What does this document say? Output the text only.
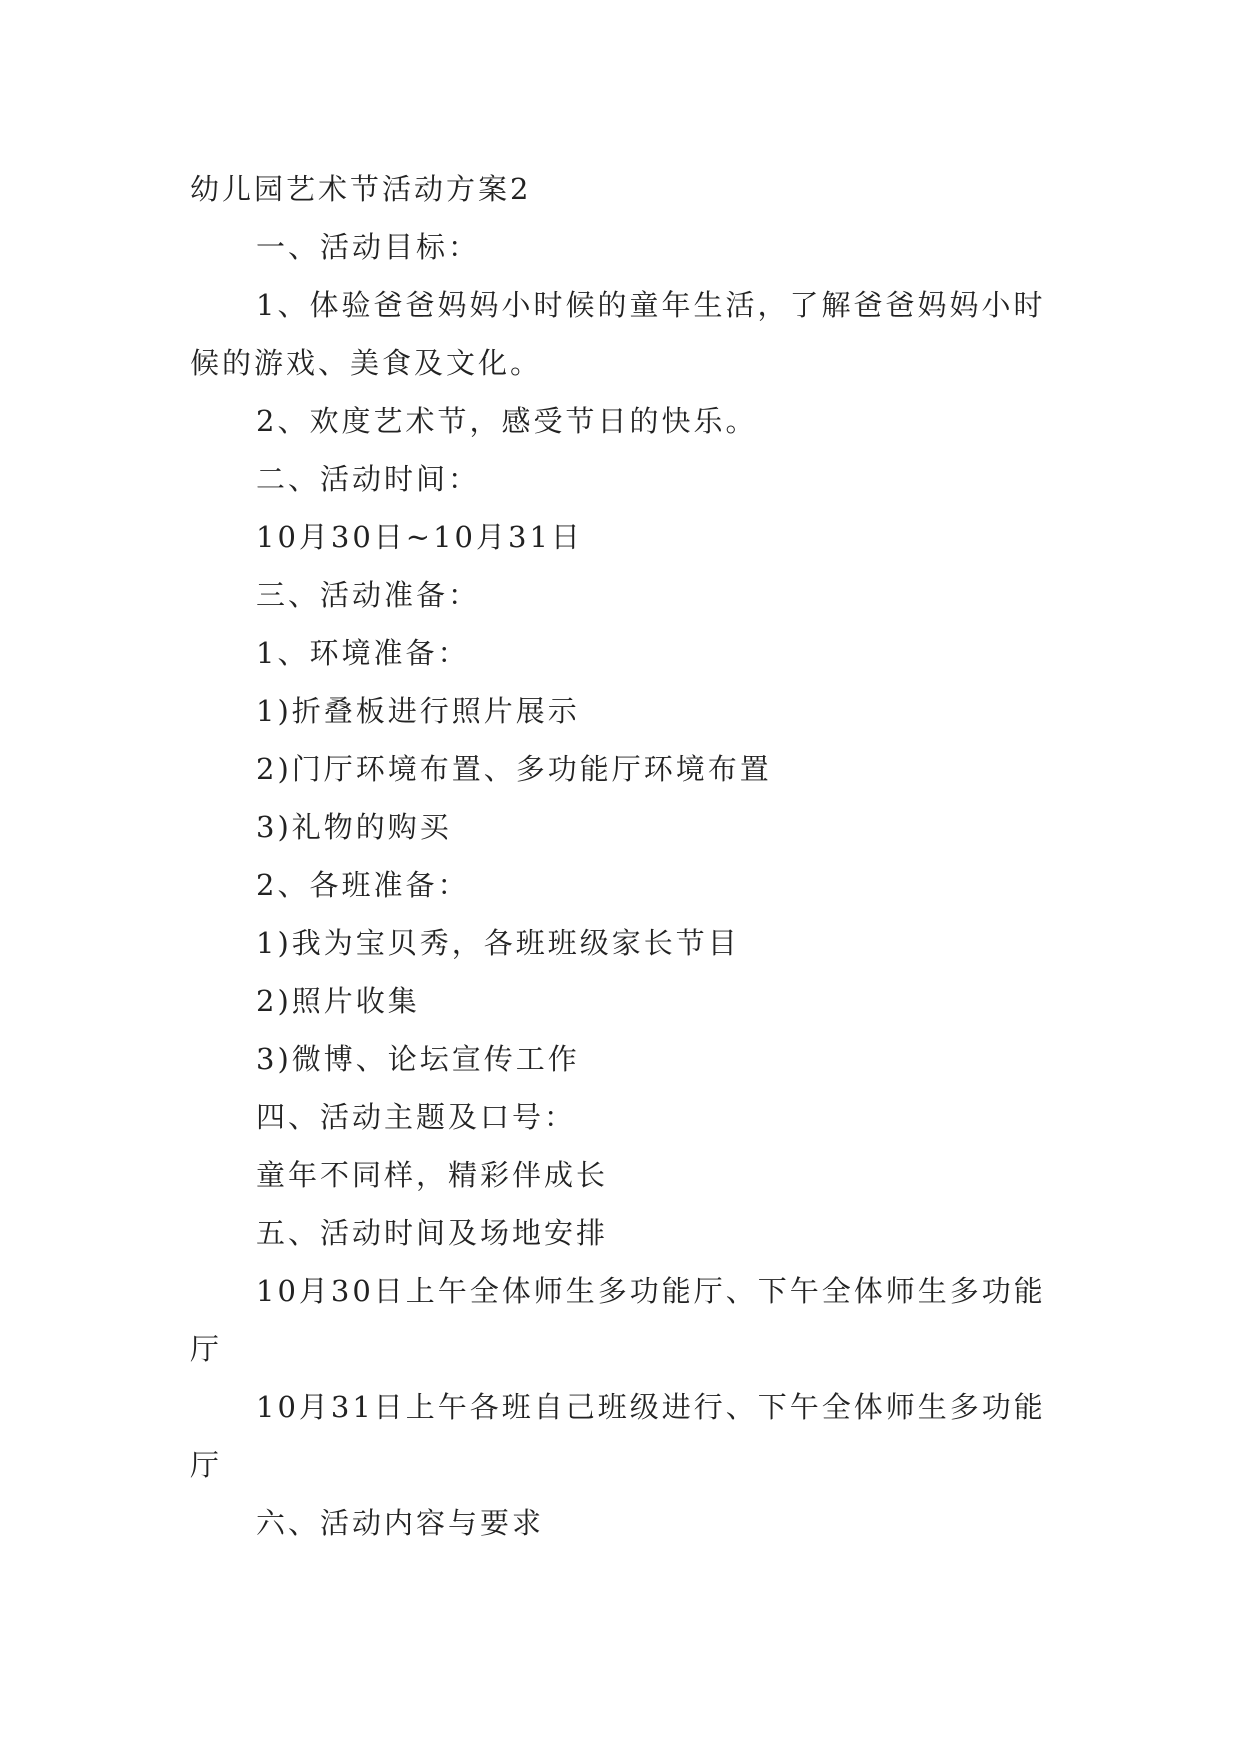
幼儿园艺术节活动方案2

一、活动目标：

1、体验爸爸妈妈小时候的童年生活，了解爸爸妈妈小时候的游戏、美食及文化。

2、欢度艺术节，感受节日的快乐。

二、活动时间：

10月30日~10月31日

三、活动准备：

1、环境准备：

1)折叠板进行照片展示

2)门厅环境布置、多功能厅环境布置

3)礼物的购买

2、各班准备：

1)我为宝贝秀，各班班级家长节目

2)照片收集

3)微博、论坛宣传工作

四、活动主题及口号：

童年不同样，精彩伴成长

五、活动时间及场地安排

10月30日上午全体师生多功能厅、下午全体师生多功能厅

10月31日上午各班自己班级进行、下午全体师生多功能厅

六、活动内容与要求
